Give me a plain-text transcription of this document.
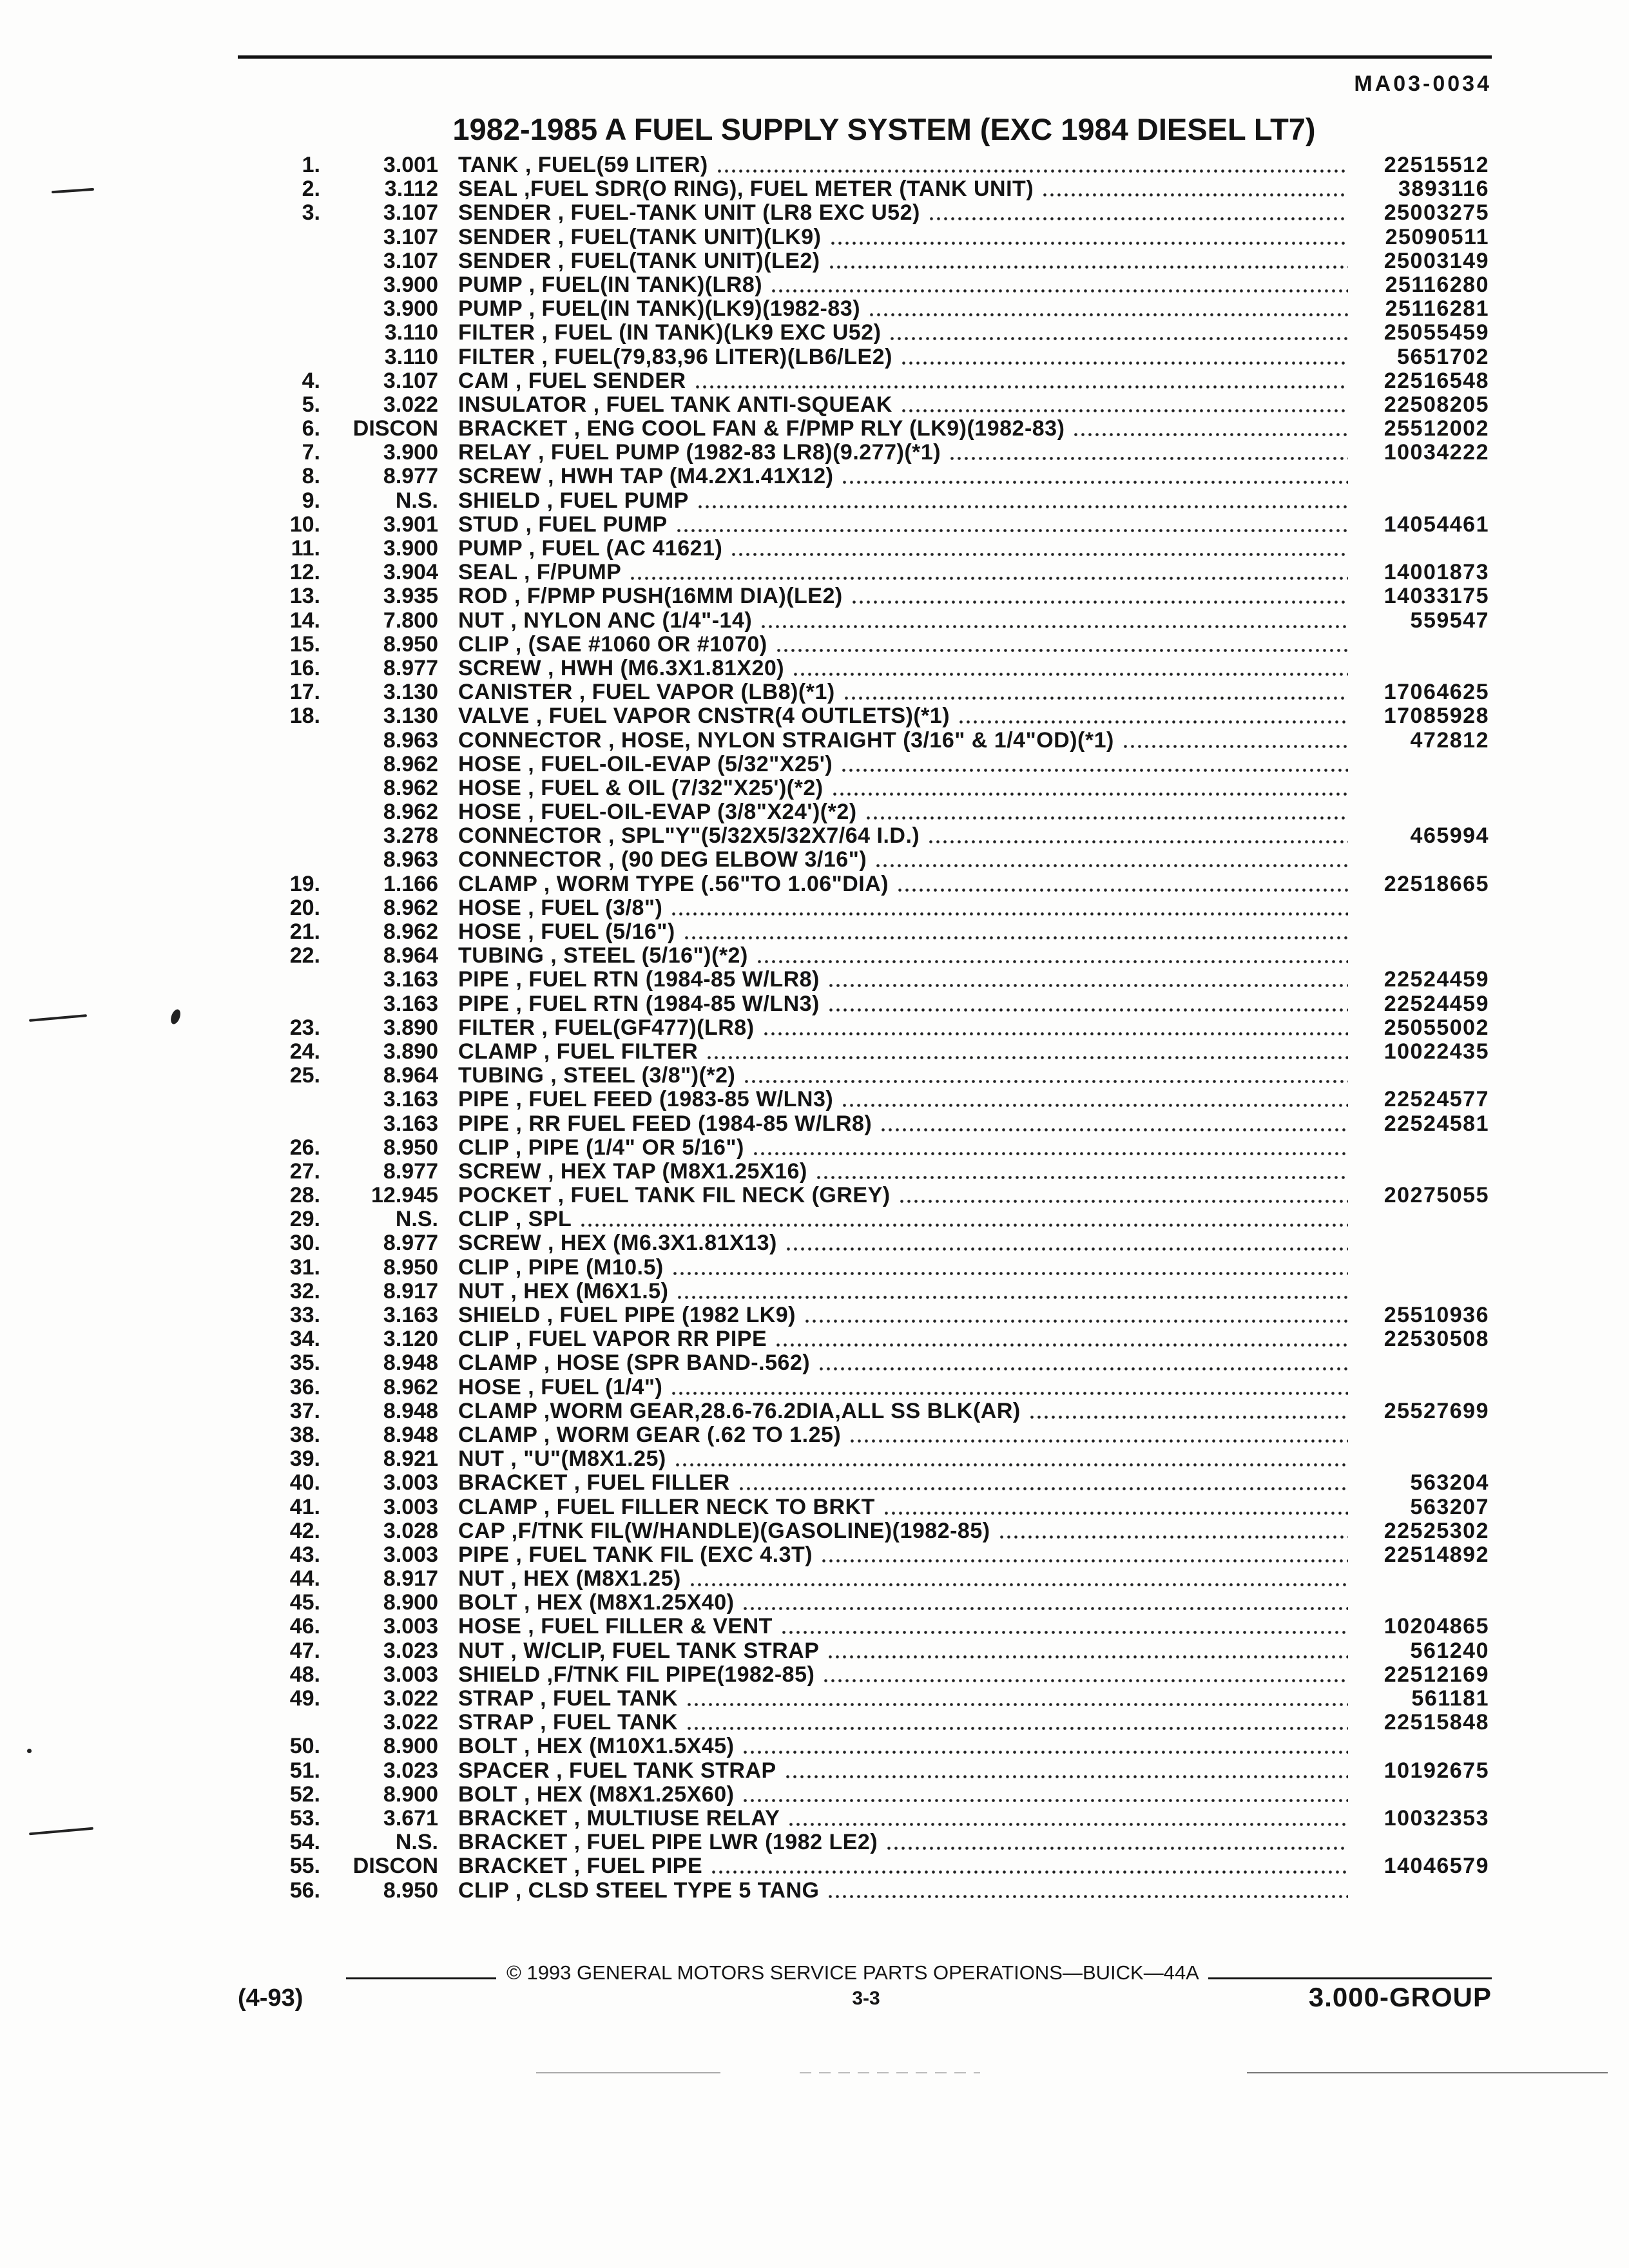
MA03-0034
1982-1985 A FUEL SUPPLY SYSTEM (EXC 1984 DIESEL LT7)
1.	3.001 TANK , FUEL(59 LITER)	22515512
2.	3.112 SEAL ,FUEL SDR(O RING), FUEL METER (TANK UNIT)	3893116
3.	3.107 SENDER , FUEL-TANK UNIT (LR8 EXC U52)	25003275
3.107 SENDER , FUEL(TANK UNIT)(LK9)	25090511
3.107 SENDER , FUEL(TANK UNIT)(LE2)	25003149
3.900 PUMP , FUEL(IN TANK)(LR8)	25116280
3.900 PUMP , FUEL(IN TANK)(LK9)(1982-83)	25116281
3.110 FILTER , FUEL (IN TANK)(LK9 EXC U52)	25055459
3.110 FILTER , FUEL(79,83,96 LITER)(LB6/LE2)	5651702
4.	3.107 CAM , FUEL SENDER	22516548
5.	3.022 INSULATOR , FUEL TANK ANTI-SQUEAK	22508205
6.	DISCON BRACKET , ENG COOL FAN & F/PMP RLY (LK9)(1982-83)	25512002
7.	3.900 RELAY , FUEL PUMP (1982-83 LR8)(9.277)(*1)	10034222
8.	8.977 SCREW , HWH TAP (M4.2X1.41X12)
9.	N.S. SHIELD , FUEL PUMP
10.	3.901 STUD , FUEL PUMP	14054461
11.	3.900 PUMP , FUEL (AC 41621)
12.	3.904 SEAL , F/PUMP	14001873
13.	3.935 ROD , F/PMP PUSH(16MM DIA)(LE2)	14033175
14.	7.800 NUT , NYLON ANC (1/4"-14)	559547
15.	8.950 CLIP , (SAE #1060 OR #1070)
16.	8.977 SCREW , HWH (M6.3X1.81X20)
17.	3.130 CANISTER , FUEL VAPOR (LB8)(*1)	17064625
18.	3.130 VALVE , FUEL VAPOR CNSTR(4 OUTLETS)(*1)	17085928
8.963 CONNECTOR , HOSE, NYLON STRAIGHT (3/16" & 1/4"OD)(*1)	472812
8.962 HOSE , FUEL-OIL-EVAP (5/32"X25')
8.962 HOSE , FUEL & OIL (7/32"X25')(*2)
8.962 HOSE , FUEL-OIL-EVAP (3/8"X24')(*2)
3.278 CONNECTOR , SPL"Y"(5/32X5/32X7/64 I.D.)	465994
8.963 CONNECTOR , (90 DEG ELBOW 3/16")
19.	1.166 CLAMP , WORM TYPE (.56"TO 1.06"DIA)	22518665
20.	8.962 HOSE , FUEL (3/8")
21.	8.962 HOSE , FUEL (5/16")
22.	8.964 TUBING , STEEL (5/16")(*2)
3.163 PIPE , FUEL RTN (1984-85 W/LR8)	22524459
3.163 PIPE , FUEL RTN (1984-85 W/LN3)	22524459
23.	3.890 FILTER , FUEL(GF477)(LR8)	25055002
24.	3.890 CLAMP , FUEL FILTER	10022435
25.	8.964 TUBING , STEEL (3/8")(*2)
3.163 PIPE , FUEL FEED (1983-85 W/LN3)	22524577
3.163 PIPE , RR FUEL FEED (1984-85 W/LR8)	22524581
26.	8.950 CLIP , PIPE (1/4" OR 5/16")
27.	8.977 SCREW , HEX TAP (M8X1.25X16)
28.	12.945 POCKET , FUEL TANK FIL NECK (GREY)	20275055
29.	N.S. CLIP , SPL
30.	8.977 SCREW , HEX (M6.3X1.81X13)
31.	8.950 CLIP , PIPE (M10.5)
32.	8.917 NUT , HEX (M6X1.5)
33.	3.163 SHIELD , FUEL PIPE (1982 LK9)	25510936
34.	3.120 CLIP , FUEL VAPOR RR PIPE	22530508
35.	8.948 CLAMP , HOSE (SPR BAND-.562)
36.	8.962 HOSE , FUEL (1/4")
37.	8.948 CLAMP ,WORM GEAR,28.6-76.2DIA,ALL SS BLK(AR)	25527699
38.	8.948 CLAMP , WORM GEAR (.62 TO 1.25)
39.	8.921 NUT , "U"(M8X1.25)
40.	3.003 BRACKET , FUEL FILLER	563204
41.	3.003 CLAMP , FUEL FILLER NECK TO BRKT	563207
42.	3.028 CAP ,F/TNK FIL(W/HANDLE)(GASOLINE)(1982-85)	22525302
43.	3.003 PIPE , FUEL TANK FIL (EXC 4.3T)	22514892
44.	8.917 NUT , HEX (M8X1.25)
45.	8.900 BOLT , HEX (M8X1.25X40)
46.	3.003 HOSE , FUEL FILLER & VENT	10204865
47.	3.023 NUT , W/CLIP, FUEL TANK STRAP	561240
48.	3.003 SHIELD ,F/TNK FIL PIPE(1982-85)	22512169
49.	3.022 STRAP , FUEL TANK	561181
3.022 STRAP , FUEL TANK	22515848
50.	8.900 BOLT , HEX (M10X1.5X45)
51.	3.023 SPACER , FUEL TANK STRAP	10192675
52.	8.900 BOLT , HEX (M8X1.25X60)
53.	3.671 BRACKET , MULTIUSE RELAY	10032353
54.	N.S. BRACKET , FUEL PIPE LWR (1982 LE2)
55.	DISCON BRACKET , FUEL PIPE	14046579
56.	8.950 CLIP , CLSD STEEL TYPE 5 TANG
© 1993 GENERAL MOTORS SERVICE PARTS OPERATIONS—BUICK—44A
(4-93)	3-3	3.000-GROUP
